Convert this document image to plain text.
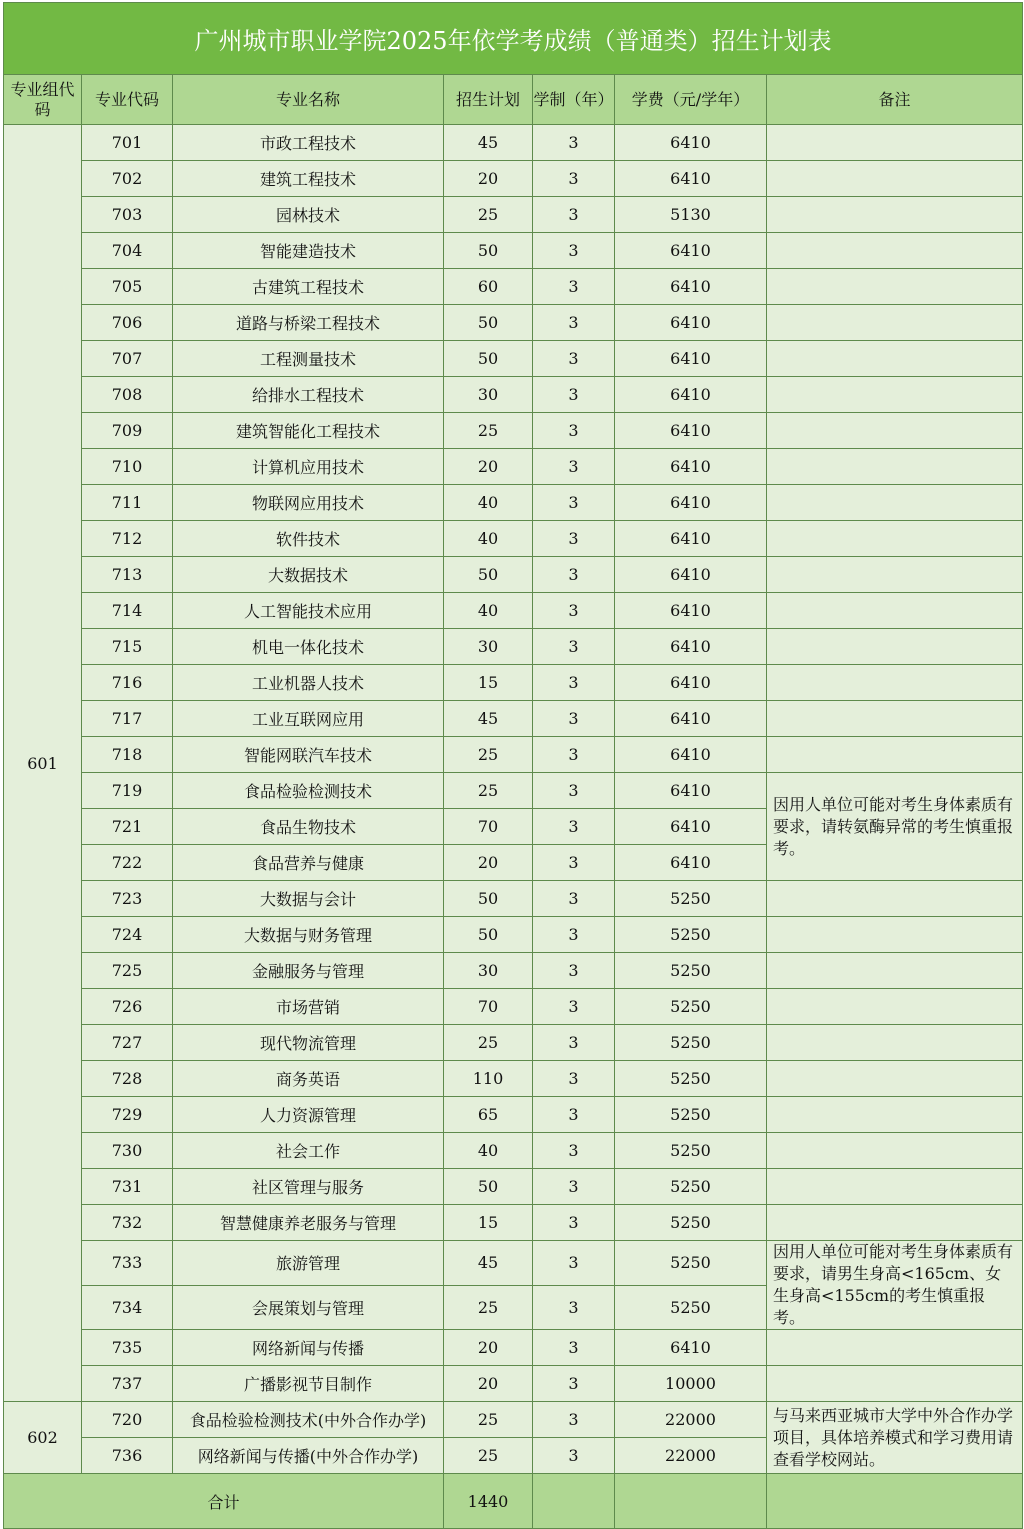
广州城市职业学院2025年依学考成绩（普通类）招生计划表						
专业组代码	专业代码	专业名称	招生计划	学制（年）	学费（元/学年）	备注
601	701	市政工程技术	45	3	6410	
	702	建筑工程技术	20	3	6410	
	703	园林技术	25	3	5130	
	704	智能建造技术	50	3	6410	
	705	古建筑工程技术	60	3	6410	
	706	道路与桥梁工程技术	50	3	6410	
	707	工程测量技术	50	3	6410	
	708	给排水工程技术	30	3	6410	
	709	建筑智能化工程技术	25	3	6410	
	710	计算机应用技术	20	3	6410	
	711	物联网应用技术	40	3	6410	
	712	软件技术	40	3	6410	
	713	大数据技术	50	3	6410	
	714	人工智能技术应用	40	3	6410	
	715	机电一体化技术	30	3	6410	
	716	工业机器人技术	15	3	6410	
	717	工业互联网应用	45	3	6410	
	718	智能网联汽车技术	25	3	6410	
	719	食品检验检测技术	25	3	6410	因用人单位可能对考生身体素质有要求，请转氨酶异常的考生慎重报考。
	721	食品生物技术	70	3	6410	
	722	食品营养与健康	20	3	6410	
	723	大数据与会计	50	3	5250	
	724	大数据与财务管理	50	3	5250	
	725	金融服务与管理	30	3	5250	
	726	市场营销	70	3	5250	
	727	现代物流管理	25	3	5250	
	728	商务英语	110	3	5250	
	729	人力资源管理	65	3	5250	
	730	社会工作	40	3	5250	
	731	社区管理与服务	50	3	5250	
	732	智慧健康养老服务与管理	15	3	5250	
	733	旅游管理	45	3	5250	因用人单位可能对考生身体素质有要求，请男生身高<165cm、女生身高<155cm的考生慎重报考。
	734	会展策划与管理	25	3	5250	
	735	网络新闻与传播	20	3	6410	
	737	广播影视节目制作	20	3	10000	
602	720	食品检验检测技术(中外合作办学)	25	3	22000	与马来西亚城市大学中外合作办学项目，具体培养模式和学习费用请查看学校网站。
	736	网络新闻与传播(中外合作办学)	25	3	22000	
合计			1440			
